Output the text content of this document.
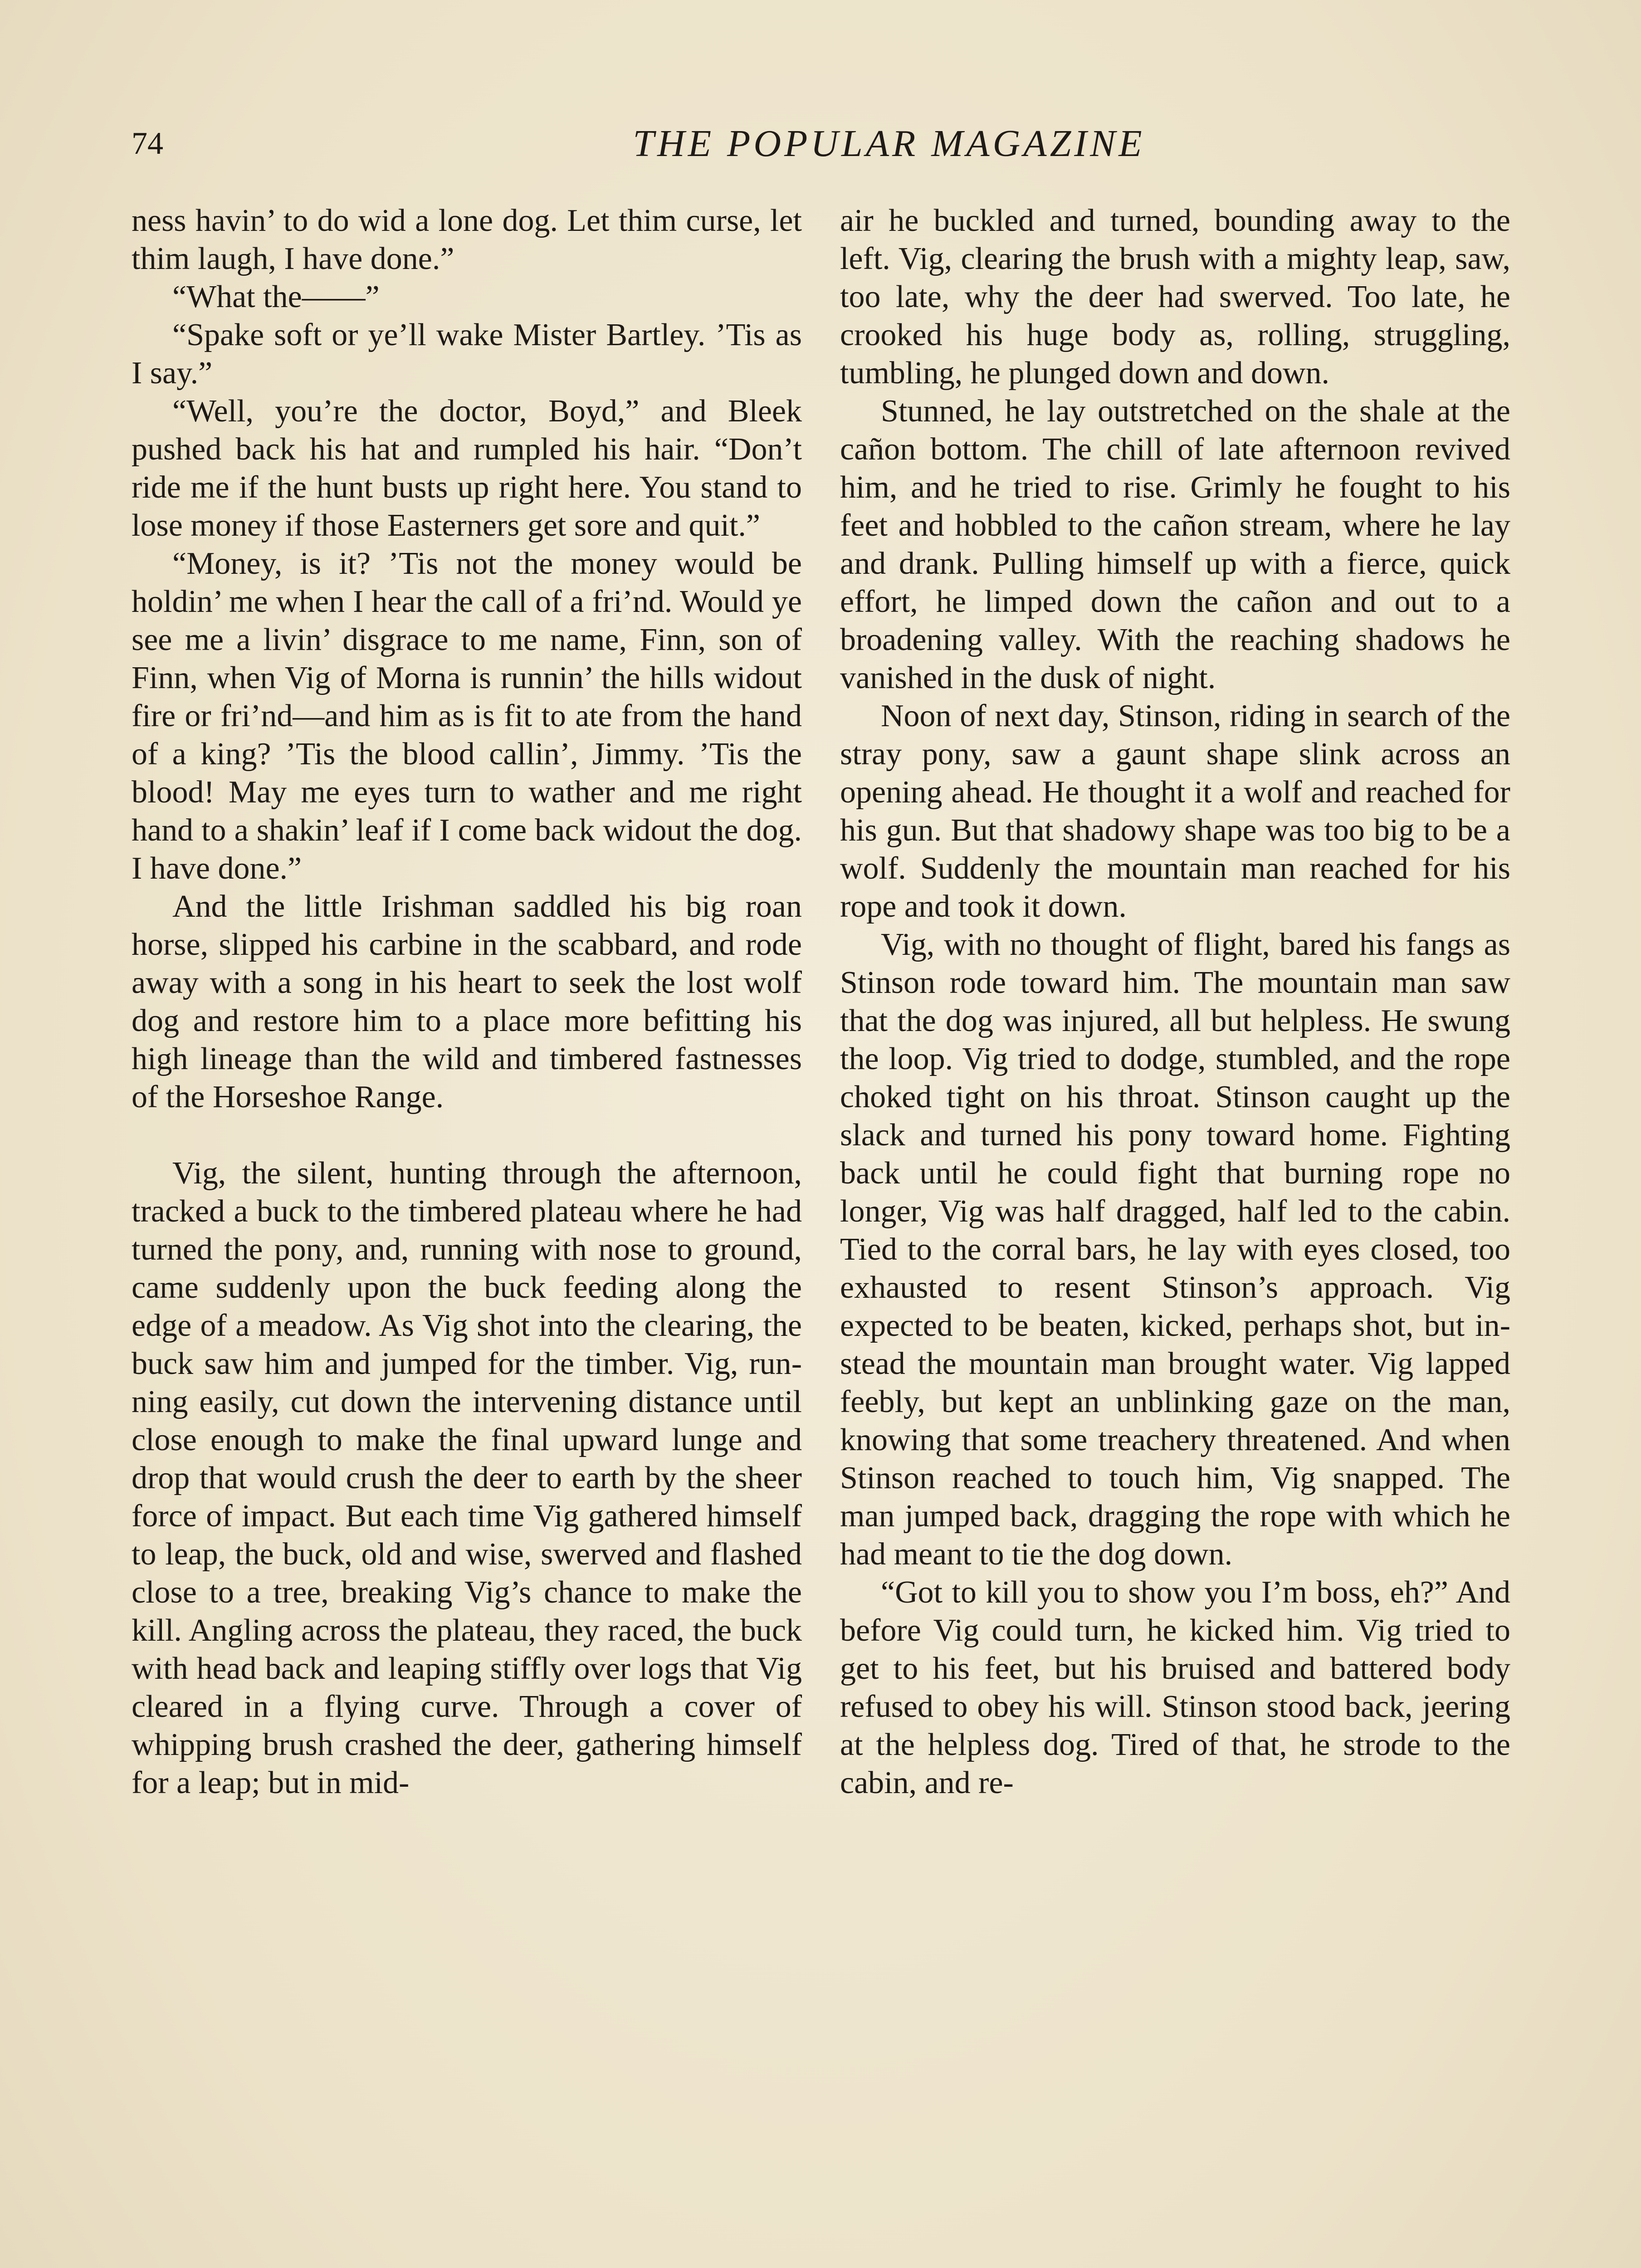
74	THE POPULAR MAGAZINE

ness havin’ to do wid a lone dog. Let thim curse, let thim laugh, I have done.”

“What the——”

“Spake soft or ye’ll wake Mister Bartley. ’Tis as I say.”

“Well, you’re the doctor, Boyd,” and Bleek pushed back his hat and rumpled his hair. “Don’t ride me if the hunt busts up right here. You stand to lose money if those Easterners get sore and quit.”

“Money, is it? ’Tis not the money would be holdin’ me when I hear the call of a fri’nd. Would ye see me a livin’ disgrace to me name, Finn, son of Finn, when Vig of Morna is runnin’ the hills widout fire or fri’nd—and him as is fit to ate from the hand of a king? ’Tis the blood callin’, Jimmy. ’Tis the blood! May me eyes turn to wather and me right hand to a shakin’ leaf if I come back widout the dog. I have done.”

And the little Irishman saddled his big roan horse, slipped his carbine in the scabbard, and rode away with a song in his heart to seek the lost wolf dog and restore him to a place more befitting his high lineage than the wild and timbered fastnesses of the Horseshoe Range.

Vig, the silent, hunting through the afternoon, tracked a buck to the timbered plateau where he had turned the pony, and, running with nose to ground, came suddenly upon the buck feeding along the edge of a meadow. As Vig shot into the clearing, the buck saw him and jumped for the timber. Vig, running easily, cut down the intervening distance until close enough to make the final upward lunge and drop that would crush the deer to earth by the sheer force of impact. But each time Vig gathered himself to leap, the buck, old and wise, swerved and flashed close to a tree, breaking Vig’s chance to make the kill. Angling across the plateau, they raced, the buck with head back and leaping stiffly over logs that Vig cleared in a flying curve. Through a cover of whipping brush crashed the deer, gathering himself for a leap; but in mid-

air he buckled and turned, bounding away to the left. Vig, clearing the brush with a mighty leap, saw, too late, why the deer had swerved. Too late, he crooked his huge body as, rolling, struggling, tumbling, he plunged down and down.

Stunned, he lay outstretched on the shale at the cañon bottom. The chill of late afternoon revived him, and he tried to rise. Grimly he fought to his feet and hobbled to the cañon stream, where he lay and drank. Pulling himself up with a fierce, quick effort, he limped down the cañon and out to a broadening valley. With the reaching shadows he vanished in the dusk of night.

Noon of next day, Stinson, riding in search of the stray pony, saw a gaunt shape slink across an opening ahead. He thought it a wolf and reached for his gun. But that shadowy shape was too big to be a wolf. Suddenly the mountain man reached for his rope and took it down.

Vig, with no thought of flight, bared his fangs as Stinson rode toward him. The mountain man saw that the dog was injured, all but helpless. He swung the loop. Vig tried to dodge, stumbled, and the rope choked tight on his throat. Stinson caught up the slack and turned his pony toward home. Fighting back until he could fight that burning rope no longer, Vig was half dragged, half led to the cabin. Tied to the corral bars, he lay with eyes closed, too exhausted to resent Stinson’s approach. Vig expected to be beaten, kicked, perhaps shot, but instead the mountain man brought water. Vig lapped feebly, but kept an unblinking gaze on the man, knowing that some treachery threatened. And when Stinson reached to touch him, Vig snapped. The man jumped back, dragging the rope with which he had meant to tie the dog down.

“Got to kill you to show you I’m boss, eh?” And before Vig could turn, he kicked him. Vig tried to get to his feet, but his bruised and battered body refused to obey his will. Stinson stood back, jeering at the helpless dog. Tired of that, he strode to the cabin, and re-
